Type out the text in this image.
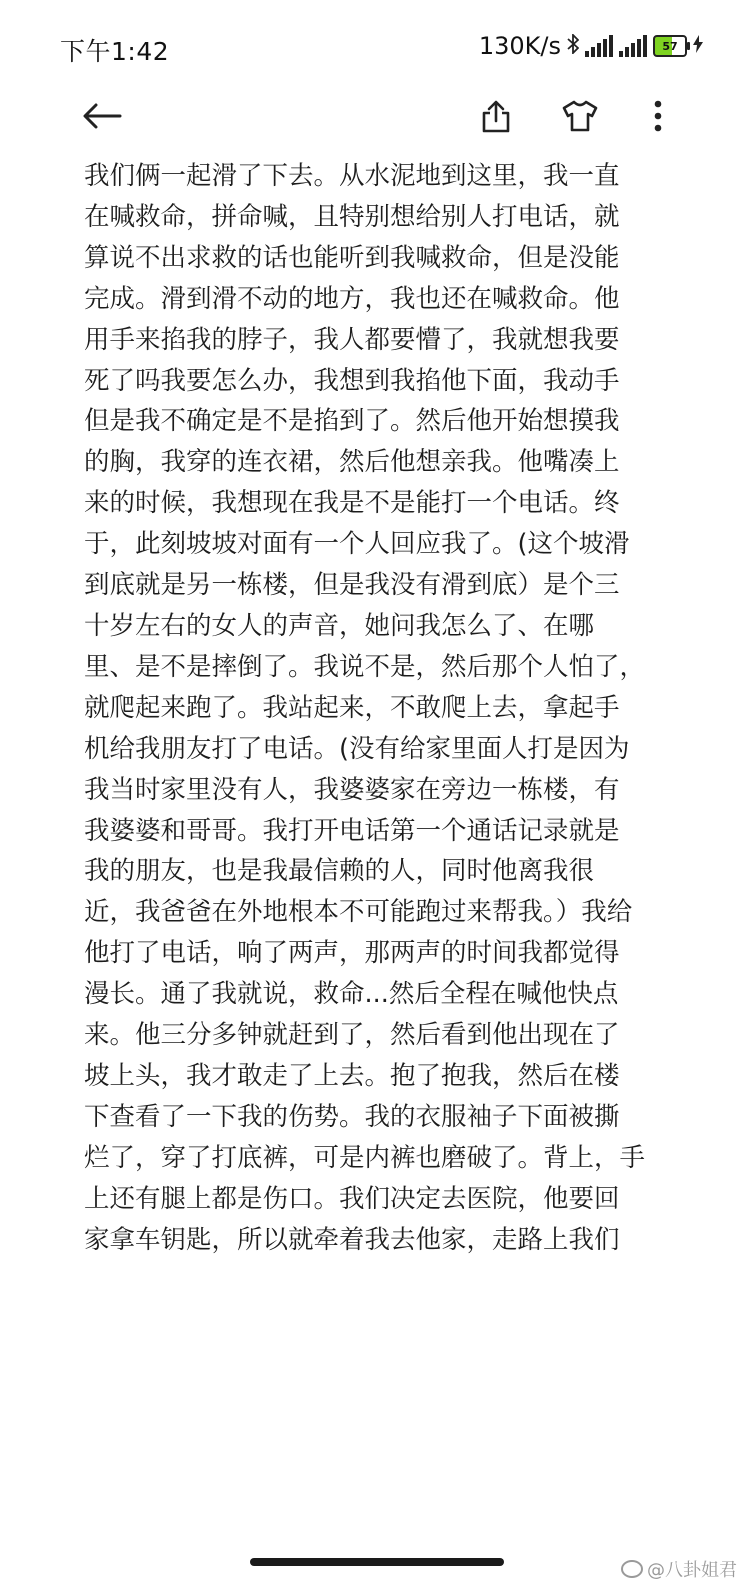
下午1:42	130K/s	57
我们俩一起滑了下去。从水泥地到这里，我一直
在喊救命，拼命喊，且特别想给别人打电话，就
算说不出求救的话也能听到我喊救命，但是没能
完成。滑到滑不动的地方，我也还在喊救命。他
用手来掐我的脖子，我人都要懵了，我就想我要
死了吗我要怎么办，我想到我掐他下面，我动手
但是我不确定是不是掐到了。然后他开始想摸我
的胸，我穿的连衣裙，然后他想亲我。他嘴凑上
来的时候，我想现在我是不是能打一个电话。终
于，此刻坡坡对面有一个人回应我了。(这个坡滑
到底就是另一栋楼，但是我没有滑到底）是个三
十岁左右的女人的声音，她问我怎么了、在哪
里、是不是摔倒了。我说不是，然后那个人怕了，
就爬起来跑了。我站起来，不敢爬上去，拿起手
机给我朋友打了电话。(没有给家里面人打是因为
我当时家里没有人，我婆婆家在旁边一栋楼，有
我婆婆和哥哥。我打开电话第一个通话记录就是
我的朋友，也是我最信赖的人，同时他离我很
近，我爸爸在外地根本不可能跑过来帮我。）我给
他打了电话，响了两声，那两声的时间我都觉得
漫长。通了我就说，救命...然后全程在喊他快点
来。他三分多钟就赶到了，然后看到他出现在了
坡上头，我才敢走了上去。抱了抱我，然后在楼
下查看了一下我的伤势。我的衣服袖子下面被撕
烂了，穿了打底裤，可是内裤也磨破了。背上，手
上还有腿上都是伤口。我们决定去医院，他要回
家拿车钥匙，所以就牵着我去他家，走路上我们
@八卦姐君
